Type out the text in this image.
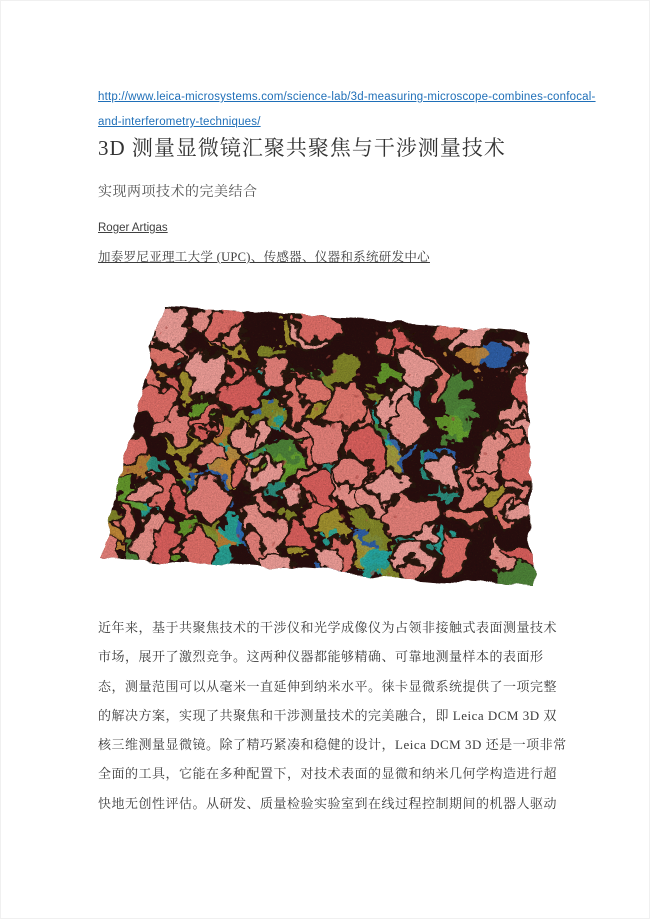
http://www.leica-microsystems.com/science-lab/3d-measuring-microscope-combines-confocal-
and-interferometry-techniques/
3D 测量显微镜汇聚共聚焦与干涉测量技术
实现两项技术的完美结合
Roger Artigas
加泰罗尼亚理工大学 (UPC)、传感器、仪器和系统研发中心
近年来，基于共聚焦技术的干涉仪和光学成像仪为占领非接触式表面测量技术
市场，展开了激烈竞争。这两种仪器都能够精确、可靠地测量样本的表面形
态，测量范围可以从毫米一直延伸到纳米水平。徕卡显微系统提供了一项完整
的解决方案，实现了共聚焦和干涉测量技术的完美融合，即 Leica DCM 3D 双
核三维测量显微镜。除了精巧紧凑和稳健的设计，Leica DCM 3D 还是一项非常
全面的工具，它能在多种配置下，对技术表面的显微和纳米几何学构造进行超
快地无创性评估。从研发、质量检验实验室到在线过程控制期间的机器人驱动
